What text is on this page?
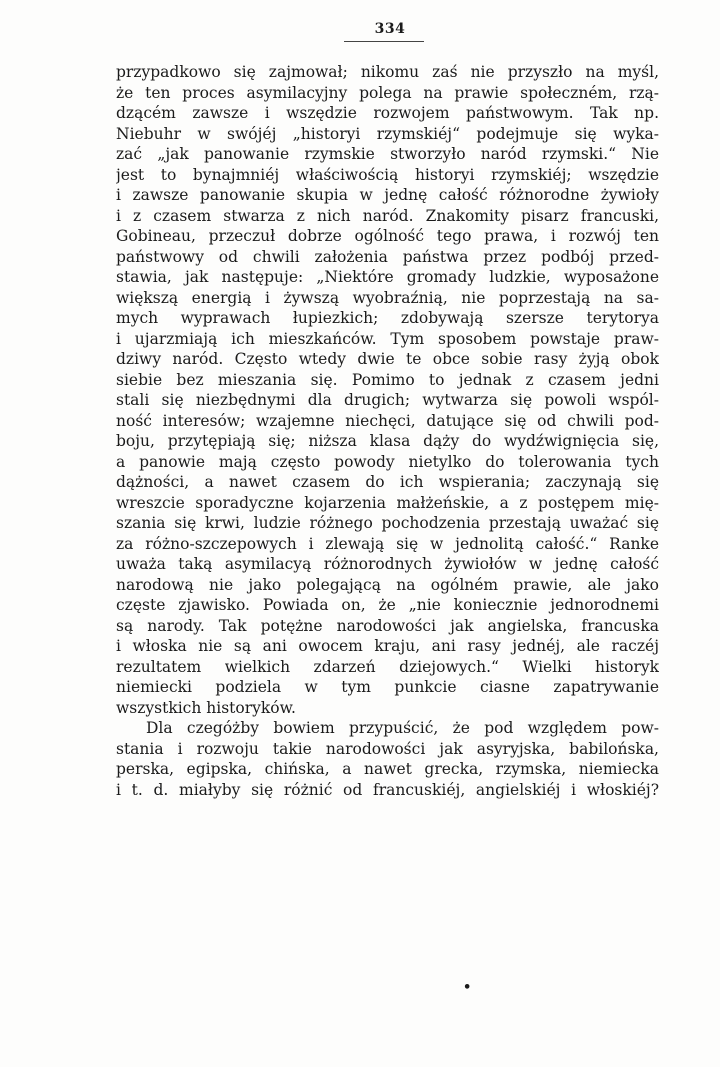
334
przypadkowo się zajmował; nikomu zaś nie przyszło na myśl,
że ten proces asymilacyjny polega na prawie społeczném, rzą-
dzącém zawsze i wszędzie rozwojem państwowym. Tak np.
Niebuhr w swójéj „historyi rzymskiéj“ podejmuje się wyka-
zać „jak panowanie rzymskie stworzyło naród rzymski.“ Nie
jest to bynajmniéj właściwością historyi rzymskiéj; wszędzie
i zawsze panowanie skupia w jednę całość różnorodne żywioły
i z czasem stwarza z nich naród. Znakomity pisarz francuski,
Gobineau, przeczuł dobrze ogólność tego prawa, i rozwój ten
państwowy od chwili założenia państwa przez podbój przed-
stawia, jak następuje: „Niektóre gromady ludzkie, wyposażone
większą energią i żywszą wyobraźnią, nie poprzestają na sa-
mych wyprawach łupiezkich; zdobywają szersze terytorya
i ujarzmiają ich mieszkańców. Tym sposobem powstaje praw-
dziwy naród. Często wtedy dwie te obce sobie rasy żyją obok
siebie bez mieszania się. Pomimo to jednak z czasem jedni
stali się niezbędnymi dla drugich; wytwarza się powoli wspól-
ność interesów; wzajemne niechęci, datujące się od chwili pod-
boju, przytępiają się; niższa klasa dąży do wydźwignięcia się,
a panowie mają często powody nietylko do tolerowania tych
dążności, a nawet czasem do ich wspierania; zaczynają się
wreszcie sporadyczne kojarzenia małżeńskie, a z postępem mię-
szania się krwi, ludzie różnego pochodzenia przestają uważać się
za różno-szczepowych i zlewają się w jednolitą całość.“ Ranke
uważa taką asymilacyą różnorodnych żywiołów w jednę całość
narodową nie jako polegającą na ogólném prawie, ale jako
częste zjawisko. Powiada on, że „nie koniecznie jednorodnemi
są narody. Tak potężne narodowości jak angielska, francuska
i włoska nie są ani owocem kraju, ani rasy jednéj, ale raczéj
rezultatem wielkich zdarzeń dziejowych.“ Wielki historyk
niemiecki podziela w tym punkcie ciasne zapatrywanie
wszystkich historyków.
Dla czegóżby bowiem przypuścić, że pod względem pow-
stania i rozwoju takie narodowości jak asyryjska, babilońska,
perska, egipska, chińska, a nawet grecka, rzymska, niemiecka
i t. d. miałyby się różnić od francuskiéj, angielskiéj i włoskiéj?
•
